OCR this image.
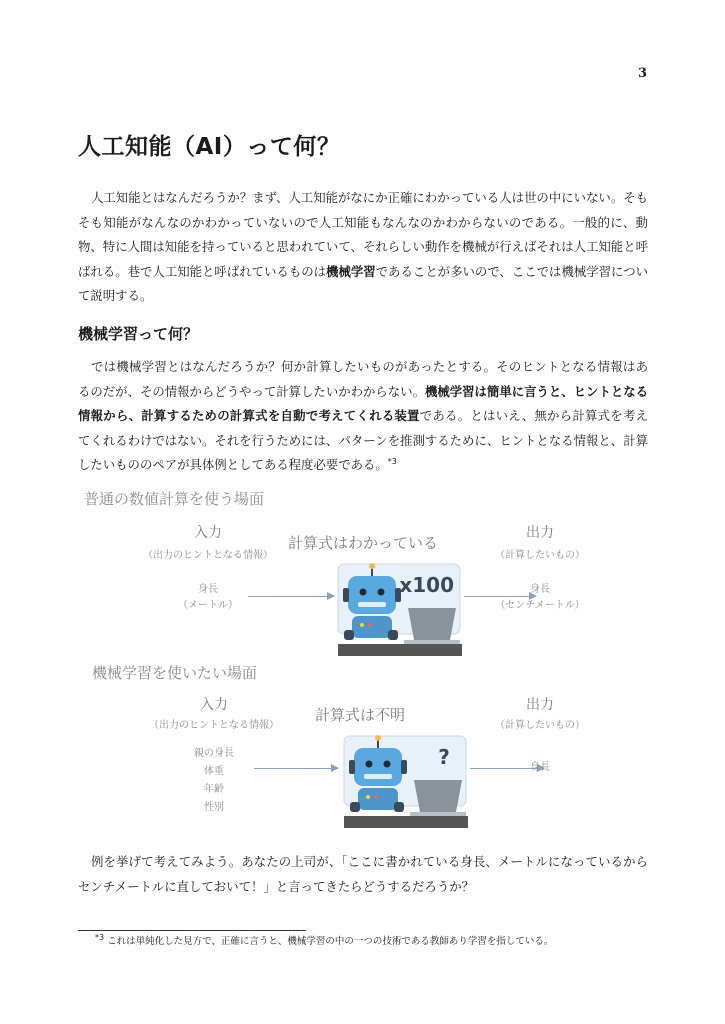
3
人工知能（AI）って何？

人工知能とはなんだろうか？まず、人工知能がなにか正確にわかっている人は世の中にいない。そもそも知能がなんなのかわかっていないので人工知能もなんなのかわからないのである。一般的に、動物、特に人間は知能を持っていると思われていて、それらしい動作を機械が行えばそれは人工知能と呼ばれる。巷で人工知能と呼ばれているものは機械学習であることが多いので、ここでは機械学習について説明する。

機械学習って何？

では機械学習とはなんだろうか？何か計算したいものがあったとする。そのヒントとなる情報はあるのだが、その情報からどうやって計算したいかわからない。機械学習は簡単に言うと、ヒントとなる情報から、計算するための計算式を自動で考えてくれる装置である。とはいえ、無から計算式を考えてくれるわけではない。それを行うためには、パターンを推測するために、ヒントとなる情報と、計算したいもののペアが具体例としてある程度必要である。$^{*3}$

普通の数値計算を使う場面
入力
（出力のヒントとなる情報）
身長
（メートル）
計算式はわかっている
x100
出力
（計算したいもの）
身長
（センチメートル）
機械学習を使いたい場面
入力
（出力のヒントとなる情報）
親の身長
体重
年齢
性別
計算式は不明
?
出力
（計算したいもの）
身長

例を挙げて考えてみよう。あなたの上司が、「ここに書かれている身長、メートルになっているからセンチメートルに直しておいて！」と言ってきたらどうするだろうか？

$^{*3}$ これは単純化した見方で、正確に言うと、機械学習の中の一つの技術である教師あり学習を指している。
